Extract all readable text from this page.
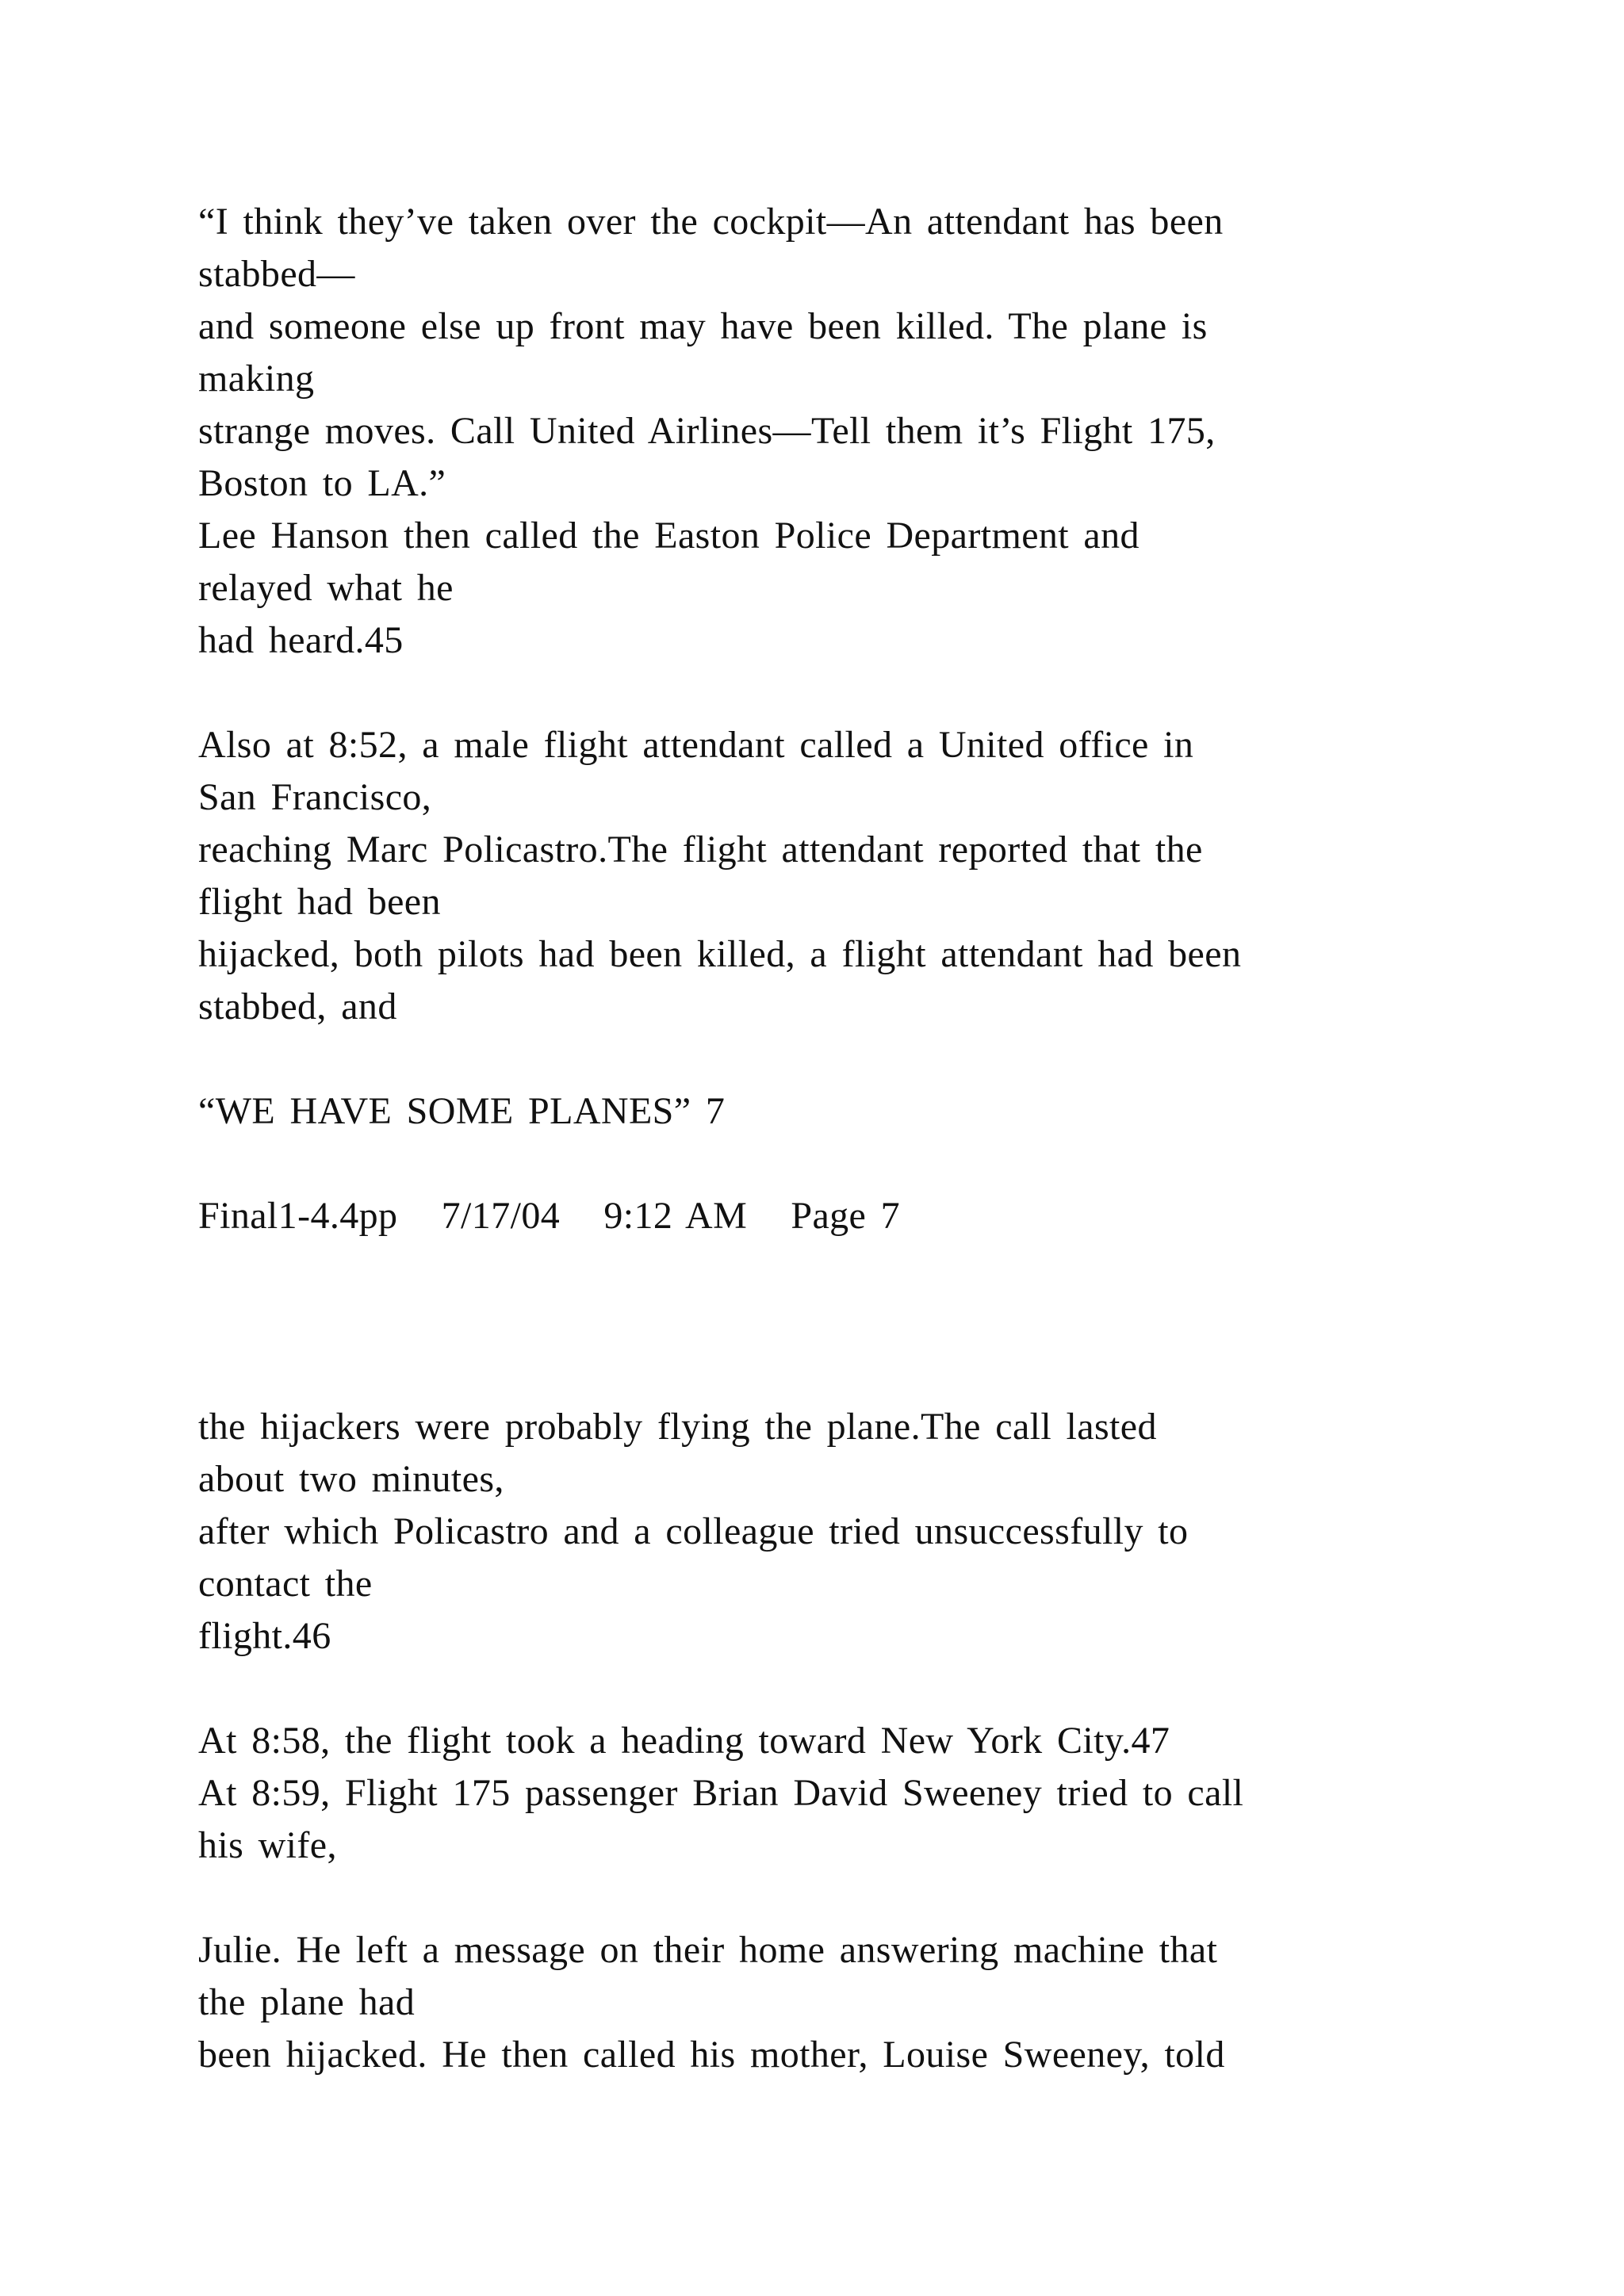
“I think they’ve taken over the cockpit—An attendant has been

stabbed—

and someone else up front may have been killed. The plane is

making

strange moves. Call United Airlines—Tell them it’s Flight 175,

Boston to LA.”

Lee Hanson then called the Easton Police Department and

relayed what he

had heard.45

Also at 8:52, a male flight attendant called a United office in

San Francisco,

reaching Marc Policastro.The flight attendant reported that the

flight had been

hijacked, both pilots had been killed, a flight attendant had been

stabbed, and

“WE HAVE SOME PLANES” 7

Final1-4.4pp   7/17/04   9:12 AM   Page 7

the hijackers were probably flying the plane.The call lasted

about two minutes,

after which Policastro and a colleague tried unsuccessfully to

contact the

flight.46

At 8:58, the flight took a heading toward New York City.47

At 8:59, Flight 175 passenger Brian David Sweeney tried to call

his wife,

Julie. He left a message on their home answering machine that

the plane had

been hijacked. He then called his mother, Louise Sweeney, told
